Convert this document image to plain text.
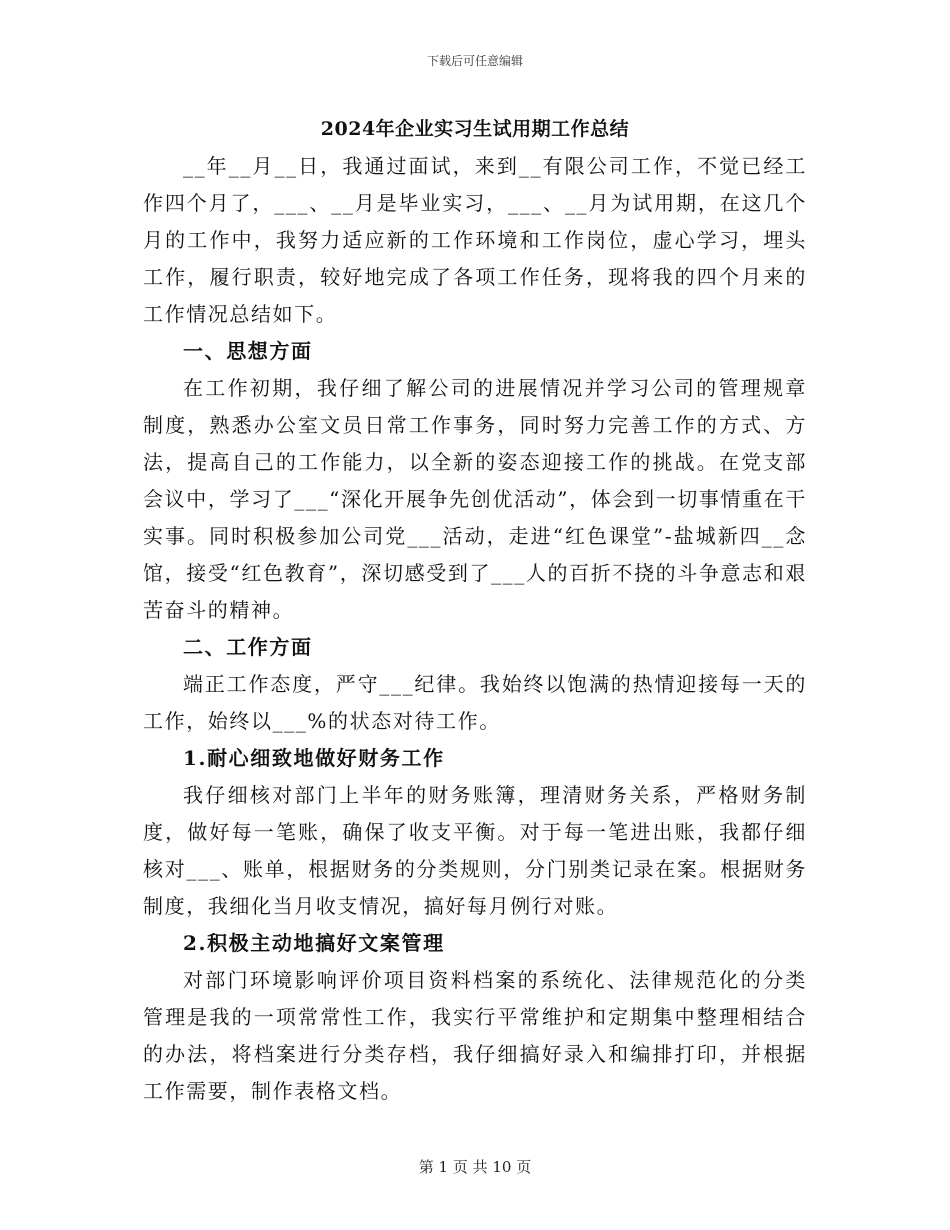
下载后可任意编辑
2024年企业实习生试用期工作总结

__年__月__日，我通过面试，来到__有限公司工作，不觉已经工作四个月了，___、__月是毕业实习，___、__月为试用期，在这几个月的工作中，我努力适应新的工作环境和工作岗位，虚心学习，埋头工作，履行职责，较好地完成了各项工作任务，现将我的四个月来的工作情况总结如下。

一、思想方面

在工作初期，我仔细了解公司的进展情况并学习公司的管理规章制度，熟悉办公室文员日常工作事务，同时努力完善工作的方式、方法，提高自己的工作能力，以全新的姿态迎接工作的挑战。在党支部会议中，学习了___“深化开展争先创优活动”，体会到一切事情重在干实事。同时积极参加公司党___活动，走进“红色课堂”-盐城新四__念馆，接受“红色教育”，深切感受到了___人的百折不挠的斗争意志和艰苦奋斗的精神。

二、工作方面

端正工作态度，严守___纪律。我始终以饱满的热情迎接每一天的工作，始终以___%的状态对待工作。

1.耐心细致地做好财务工作

我仔细核对部门上半年的财务账簿，理清财务关系，严格财务制度，做好每一笔账，确保了收支平衡。对于每一笔进出账，我都仔细核对___、账单，根据财务的分类规则，分门别类记录在案。根据财务制度，我细化当月收支情况，搞好每月例行对账。

2.积极主动地搞好文案管理

对部门环境影响评价项目资料档案的系统化、法律规范化的分类管理是我的一项常常性工作，我实行平常维护和定期集中整理相结合的办法，将档案进行分类存档，我仔细搞好录入和编排打印，并根据工作需要，制作表格文档。

第 1 页 共 10 页
